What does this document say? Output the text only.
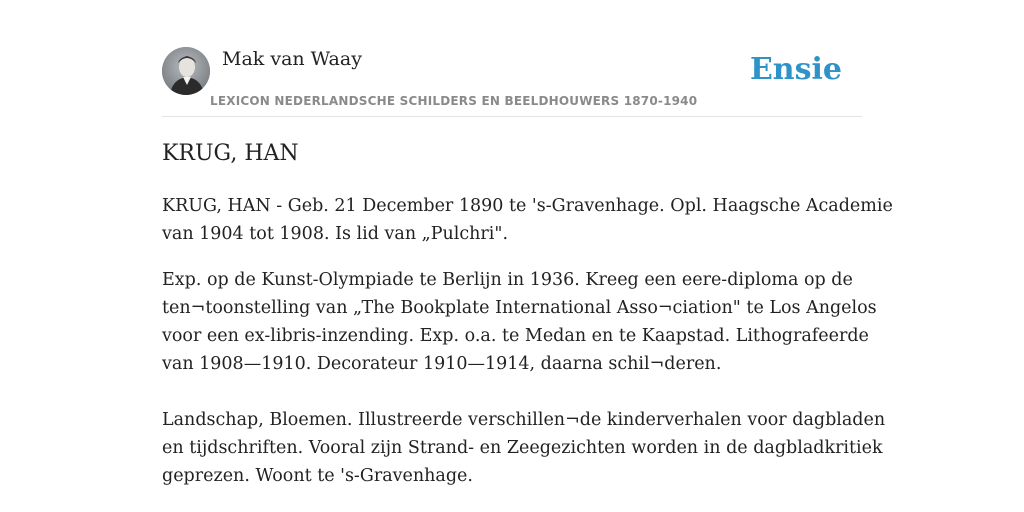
Mak van Waay
LEXICON NEDERLANDSCHE SCHILDERS EN BEELDHOUWERS 1870-1940
Ensie
KRUG, HAN

KRUG, HAN - Geb. 21 December 1890 te 's-Gravenhage. Opl. Haagsche Academie
van 1904 tot 1908. Is lid van „Pulchri".

Exp. op de Kunst-Olympiade te Berlijn in 1936. Kreeg een eere-diploma op de
ten¬toonstelling van „The Bookplate International Asso¬ciation" te Los Angelos
voor een ex-libris-inzending. Exp. o.a. te Medan en te Kaapstad. Lithografeerde
van 1908—1910. Decorateur 1910—1914, daarna schil¬deren.
Landschap, Bloemen. Illustreerde verschillen¬de kinderverhalen voor dagbladen
en tijdschriften. Vooral zijn Strand- en Zeegezichten worden in de dagbladkritiek
geprezen. Woont te 's-Gravenhage.
